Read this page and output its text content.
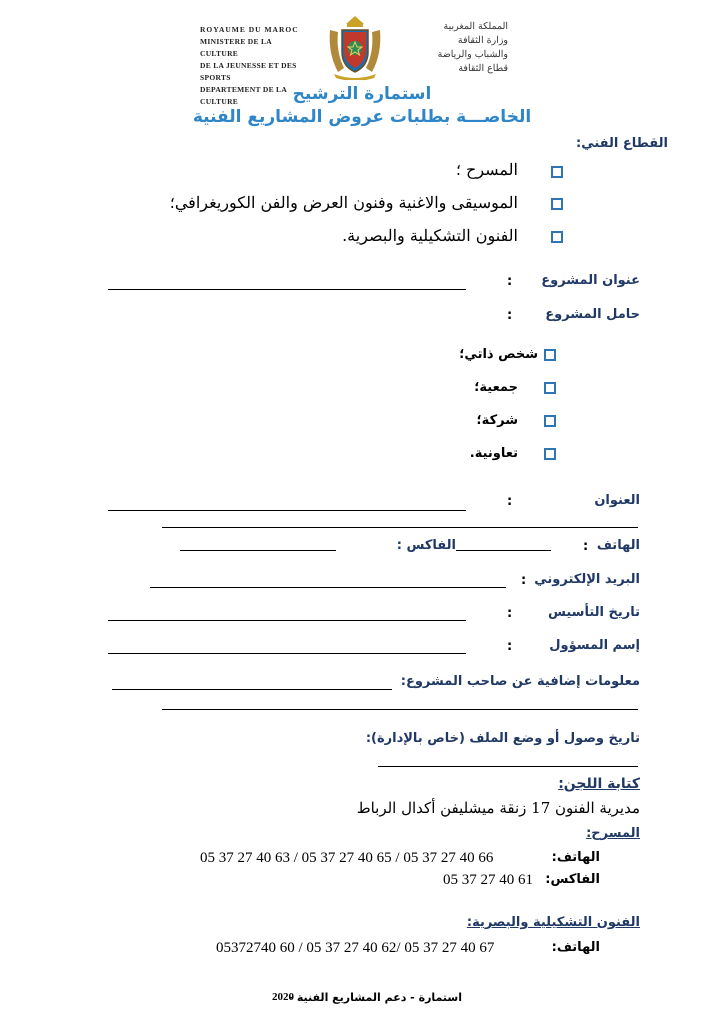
ROYAUME DU MAROC
MINISTERE DE LA CULTURE
DE LA JEUNESSE ET DES SPORTS
DEPARTEMENT DE LA CULTURE
المملكة المغربية
وزارة الثقافة
والشباب والرياضة
قطاع الثقافة
استمارة الترشيح
الخاصـــة بطلبات عروض المشاريع الفنية
القطاع الفني:
المسرح ؛
الموسيقى والاغنية وفنون العرض والفن الكوريغرافي؛
الفنون التشكيلية والبصرية.
عنوان المشروع
:
حامل المشروع
:
شخص ذاتي؛
جمعية؛
شركة؛
تعاونية.
العنوان
:
الهاتف
:
الفاكس :
البريد الإلكتروني
:
تاريخ التأسيس
:
إسم المسؤول
:
معلومات إضافية عن صاحب المشروع:
تاريخ وصول أو وضع الملف (خاص بالإدارة):
كتابة اللجن:
مديرية الفنون 17 زنقة ميشليفن أكدال الرباط
المسرح:
الهاتف:
05 37 27 40 63 / 05 37 27 40 65 / 05 37 27 40 66
الفاكس:
05 37 27 40 61
الفنون التشكيلية والبصرية:
الهاتف:
05372740 60 / 05 37 27 40 62/ 05 37 27 40 67
استمارة - دعم المشاريع الفنية -
2020
